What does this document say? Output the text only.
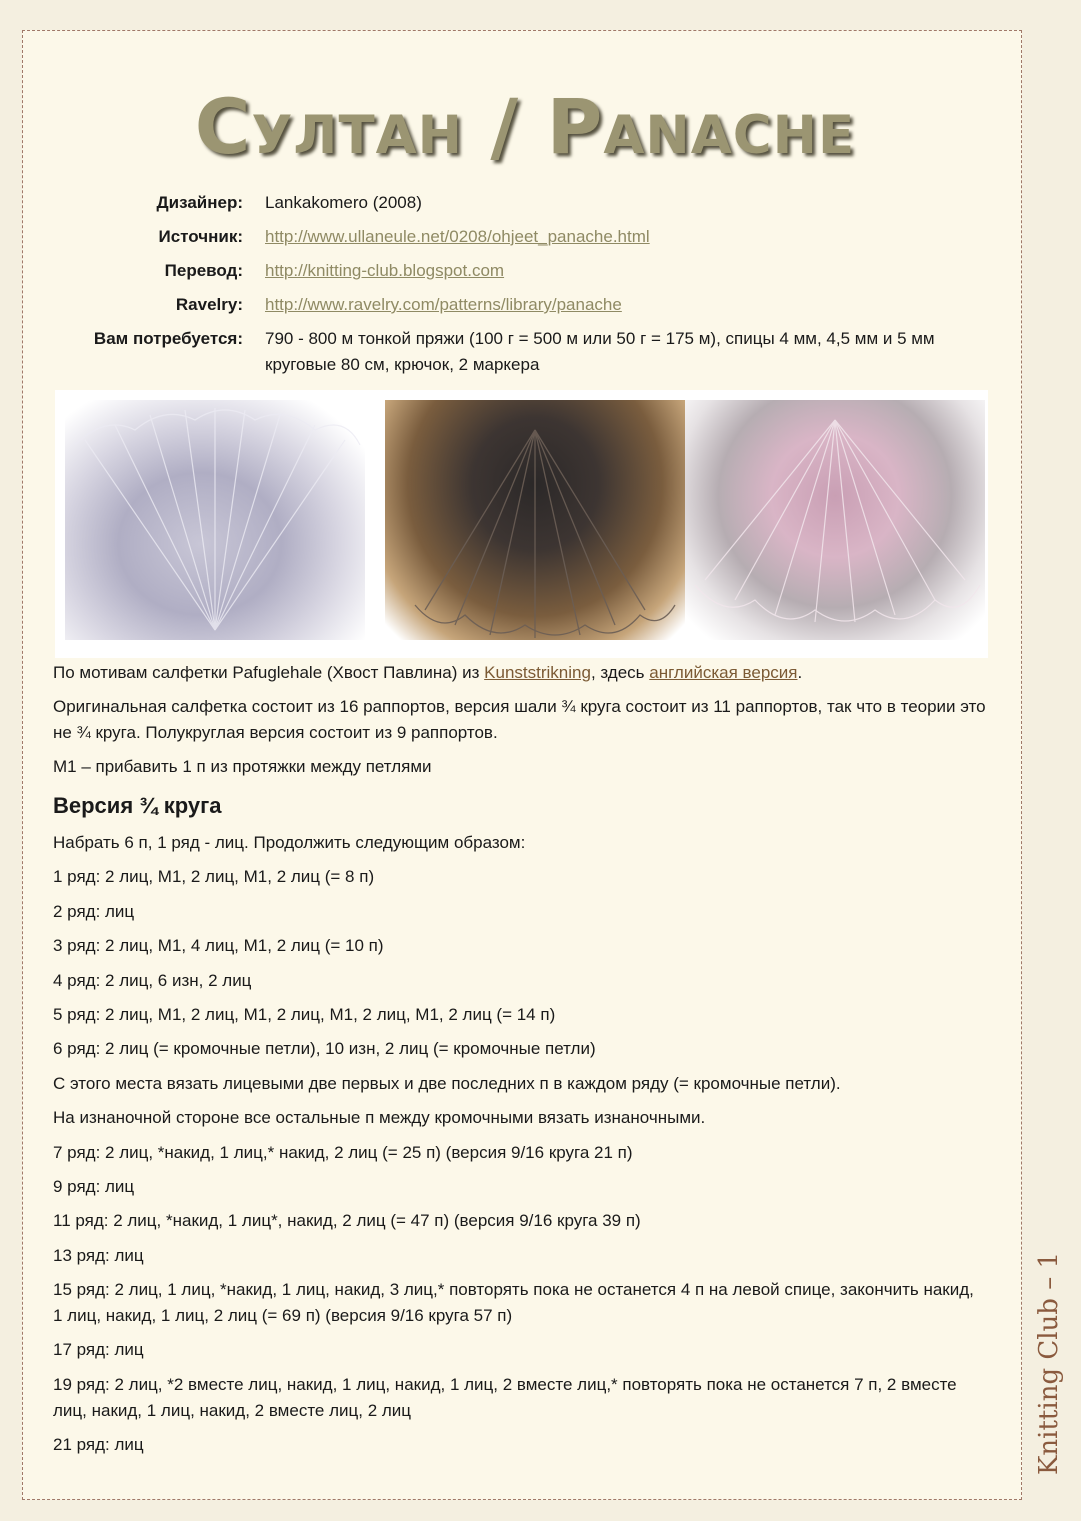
Султан / Panache
Дизайнер: Lankakomero (2008)
Источник: http://www.ullaneule.net/0208/ohjeet_panache.html
Перевод: http://knitting-club.blogspot.com
Ravelry: http://www.ravelry.com/patterns/library/panache
Вам потребуется: 790 - 800 м тонкой пряжи (100 г = 500 м или 50 г = 175 м), спицы 4 мм, 4,5 мм и 5 мм круговые 80 см, крючок, 2 маркера

По мотивам салфетки Pafuglehale (Хвост Павлина) из Kunststrikning, здесь английская версия.

Оригинальная салфетка состоит из 16 раппортов, версия шали ¾ круга состоит из 11 раппортов, так что в теории это не ¾ круга. Полукруглая версия состоит из 9 раппортов.

М1 – прибавить 1 п из протяжки между петлями

Версия ¾ круга

Набрать 6 п, 1 ряд - лиц. Продолжить следующим образом:

1 ряд: 2 лиц, М1, 2 лиц, М1, 2 лиц (= 8 п)

2 ряд: лиц

3 ряд: 2 лиц, М1, 4 лиц, М1, 2 лиц (= 10 п)

4 ряд: 2 лиц, 6 изн, 2 лиц

5 ряд: 2 лиц, М1, 2 лиц, М1, 2 лиц, М1, 2 лиц, М1, 2 лиц (= 14 п)

6 ряд: 2 лиц (= кромочные петли), 10 изн, 2 лиц (= кромочные петли)

С этого места вязать лицевыми две первых и две последних п в каждом ряду (= кромочные петли).

На изнаночной стороне все остальные п между кромочными вязать изнаночными.

7 ряд: 2 лиц, *накид, 1 лиц,* накид, 2 лиц (= 25 п) (версия 9/16 круга 21 п)

9 ряд: лиц

11 ряд: 2 лиц, *накид, 1 лиц*, накид, 2 лиц (= 47 п) (версия 9/16 круга 39 п)

13 ряд: лиц

15 ряд: 2 лиц, 1 лиц, *накид, 1 лиц, накид, 3 лиц,* повторять пока не останется 4 п на левой спице, закончить накид, 1 лиц, накид, 1 лиц, 2 лиц (= 69 п) (версия 9/16 круга 57 п)

17 ряд: лиц

19 ряд: 2 лиц, *2 вместе лиц, накид, 1 лиц, накид, 1 лиц, 2 вместе лиц,* повторять пока не останется 7 п, 2 вместе лиц, накид, 1 лиц, накид, 2 вместе лиц, 2 лиц

21 ряд: лиц	Knitting Club – 1
